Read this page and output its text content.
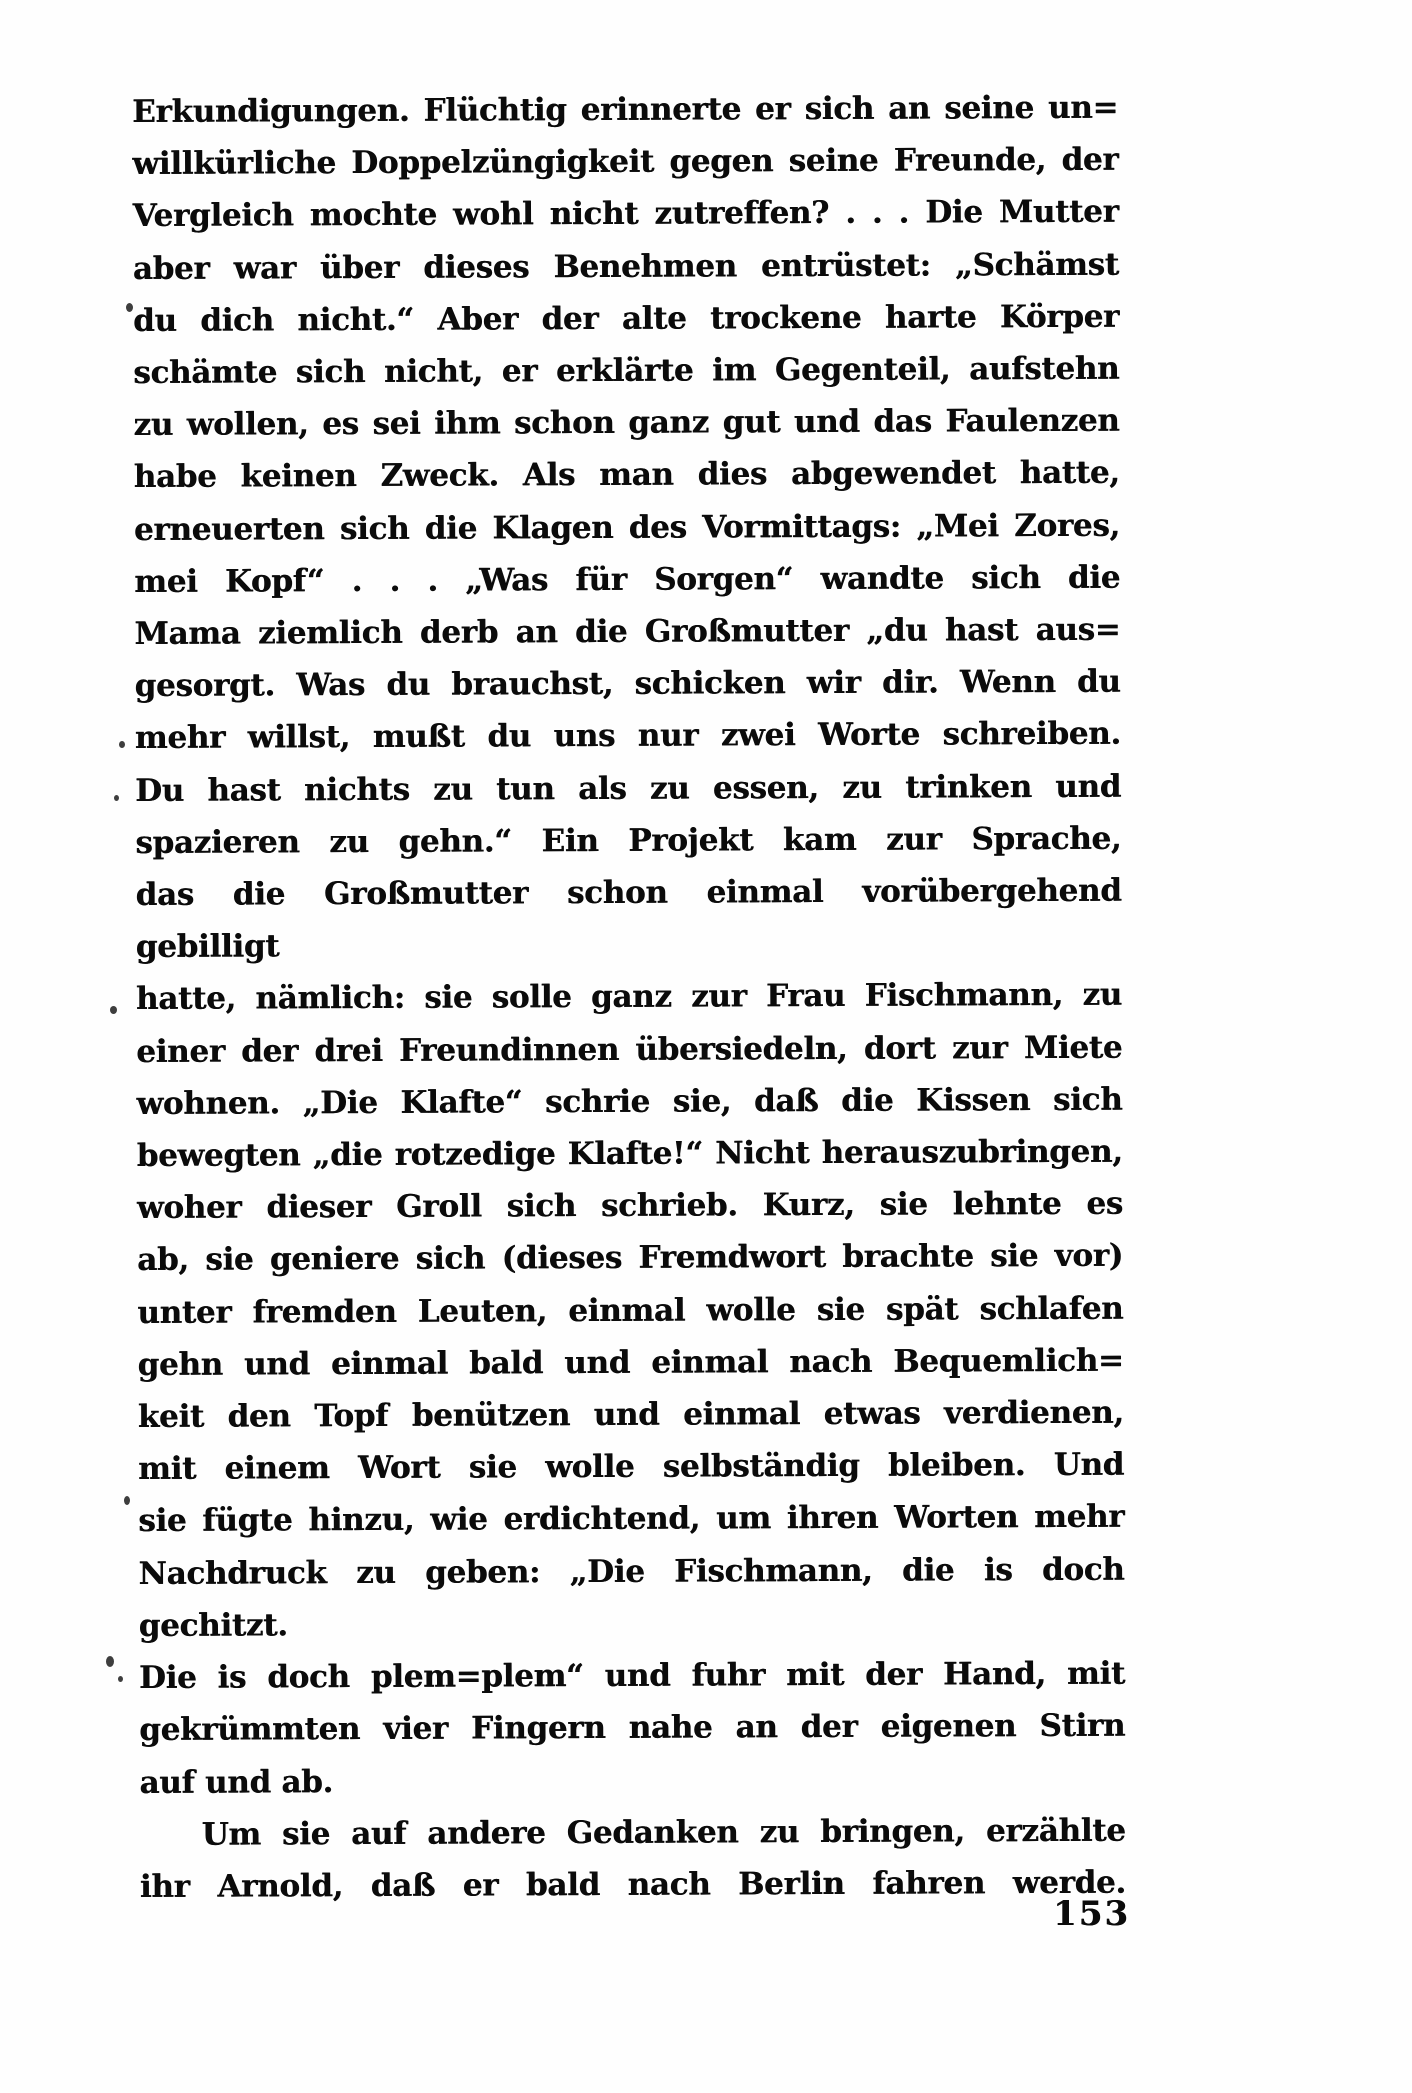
Erkundigungen. Flüchtig erinnerte er sich an seine un=
willkürliche Doppelzüngigkeit gegen seine Freunde, der
Vergleich mochte wohl nicht zutreffen? . . . Die Mutter
aber war über dieses Benehmen entrüstet: „Schämst
du dich nicht.“ Aber der alte trockene harte Körper
schämte sich nicht, er erklärte im Gegenteil, aufstehn
zu wollen, es sei ihm schon ganz gut und das Faulenzen
habe keinen Zweck. Als man dies abgewendet hatte,
erneuerten sich die Klagen des Vormittags: „Mei Zores,
mei Kopf“ . . . „Was für Sorgen“ wandte sich die
Mama ziemlich derb an die Großmutter „du hast aus=
gesorgt. Was du brauchst, schicken wir dir. Wenn du
mehr willst, mußt du uns nur zwei Worte schreiben.
Du hast nichts zu tun als zu essen, zu trinken und
spazieren zu gehn.“ Ein Projekt kam zur Sprache,
das die Großmutter schon einmal vorübergehend gebilligt
hatte, nämlich: sie solle ganz zur Frau Fischmann, zu
einer der drei Freundinnen übersiedeln, dort zur Miete
wohnen. „Die Klafte“ schrie sie, daß die Kissen sich
bewegten „die rotzedige Klafte!“ Nicht herauszubringen,
woher dieser Groll sich schrieb. Kurz, sie lehnte es
ab, sie geniere sich (dieses Fremdwort brachte sie vor)
unter fremden Leuten, einmal wolle sie spät schlafen
gehn und einmal bald und einmal nach Bequemlich=
keit den Topf benützen und einmal etwas verdienen,
mit einem Wort sie wolle selbständig bleiben. Und
sie fügte hinzu, wie erdichtend, um ihren Worten mehr
Nachdruck zu geben: „Die Fischmann, die is doch gechitzt.
Die is doch plem=plem“ und fuhr mit der Hand, mit
gekrümmten vier Fingern nahe an der eigenen Stirn
auf und ab.
Um sie auf andere Gedanken zu bringen, erzählte
ihr Arnold, daß er bald nach Berlin fahren werde.
153
